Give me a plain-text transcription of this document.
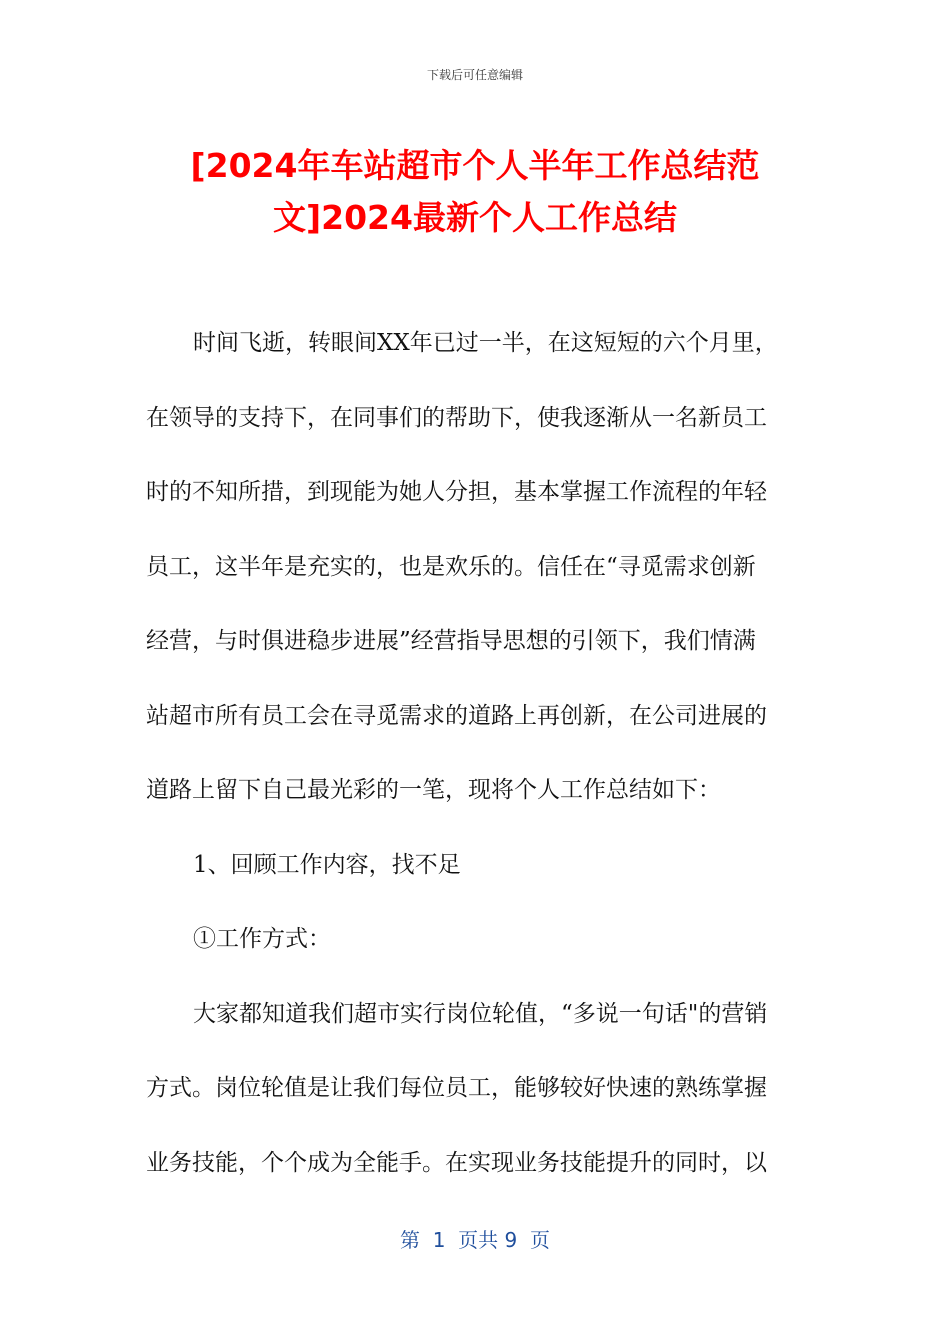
下载后可任意编辑
[2024年车站超市个人半年工作总结范
文]2024最新个人工作总结
时间飞逝，转眼间XX年已过一半，在这短短的六个月里，
在领导的支持下，在同事们的帮助下，使我逐渐从一名新员工
时的不知所措，到现能为她人分担，基本掌握工作流程的年轻
员工，这半年是充实的，也是欢乐的。信任在“寻觅需求创新
经营，与时俱进稳步进展”经营指导思想的引领下，我们情满
站超市所有员工会在寻觅需求的道路上再创新，在公司进展的
道路上留下自己最光彩的一笔，现将个人工作总结如下：
1、回顾工作内容，找不足
①工作方式：
大家都知道我们超市实行岗位轮值，“多说一句话"的营销
方式。岗位轮值是让我们每位员工，能够较好快速的熟练掌握
业务技能，个个成为全能手。在实现业务技能提升的同时，以
第  1  页共 9  页
